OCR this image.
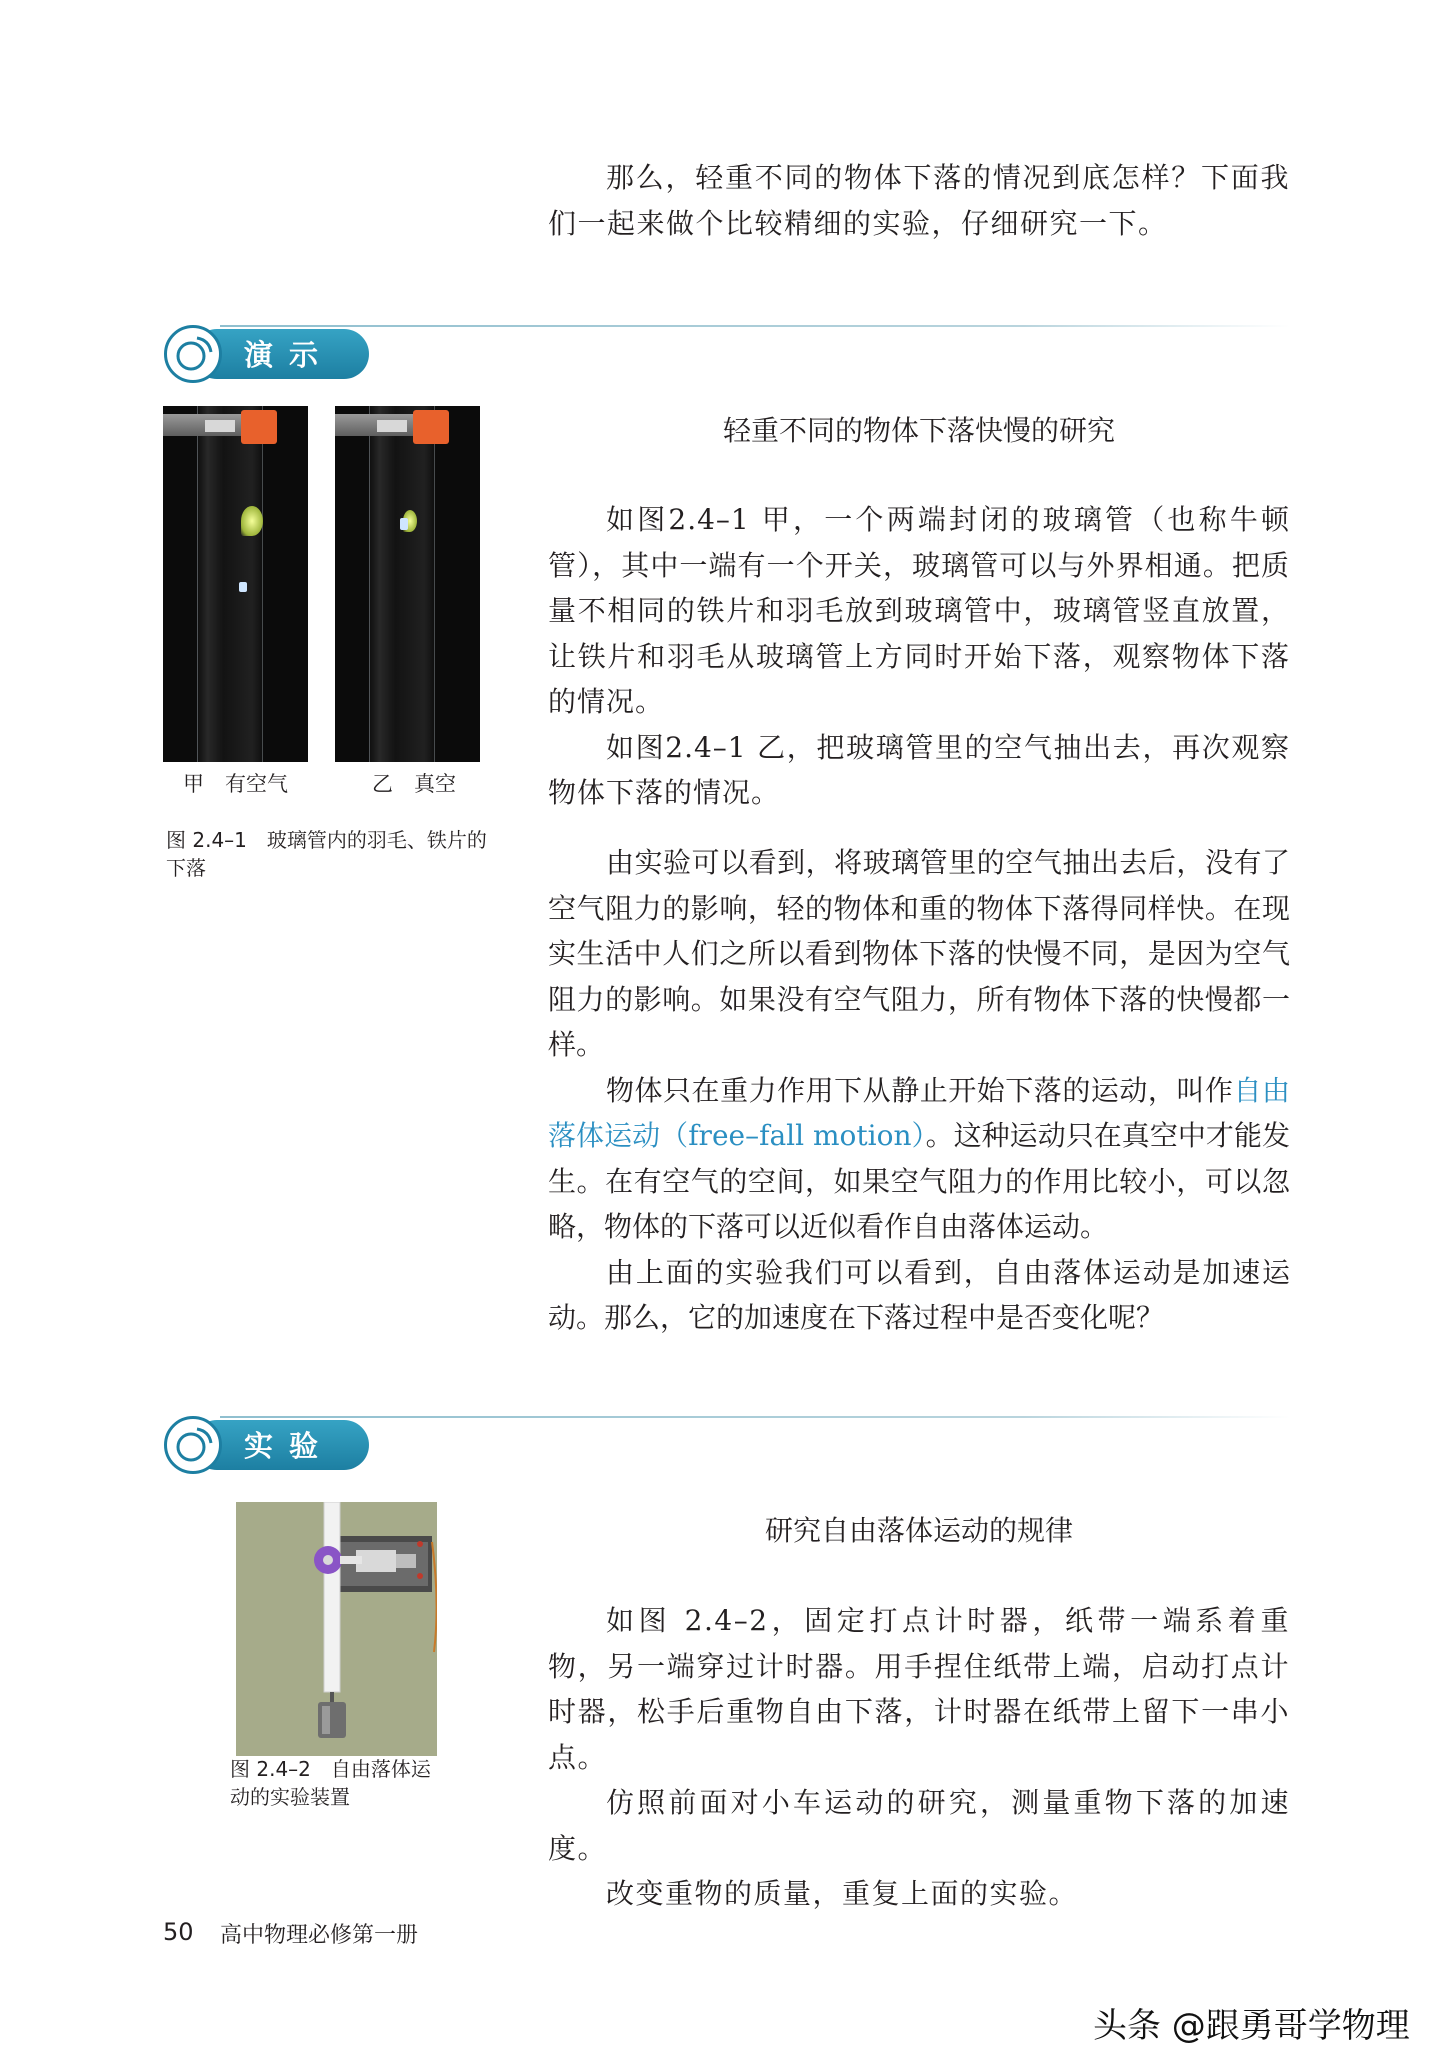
那么，轻重不同的物体下落的情况到底怎样？下面我们一起来做个比较精细的实验，仔细研究一下。

演示
轻重不同的物体下落快慢的研究

如图2.4–1 甲，一个两端封闭的玻璃管（也称牛顿管），其中一端有一个开关，玻璃管可以与外界相通。把质量不相同的铁片和羽毛放到玻璃管中，玻璃管竖直放置，让铁片和羽毛从玻璃管上方同时开始下落，观察物体下落的情况。

如图2.4–1 乙，把玻璃管里的空气抽出去，再次观察物体下落的情况。

甲　有空气	乙　真空
图 2.4–1　玻璃管内的羽毛、铁片的下落	由实验可以看到，将玻璃管里的空气抽出去后，没有了空气阻力的影响，轻的物体和重的物体下落得同样快。在现实生活中人们之所以看到物体下落的快慢不同，是因为空气阻力的影响。如果没有空气阻力，所有物体下落的快慢都一样。

物体只在重力作用下从静止开始下落的运动，叫作自由落体运动（free–fall motion）。这种运动只在真空中才能发生。在有空气的空间，如果空气阻力的作用比较小，可以忽略，物体的下落可以近似看作自由落体运动。

由上面的实验我们可以看到，自由落体运动是加速运动。那么，它的加速度在下落过程中是否变化呢？

实验
研究自由落体运动的规律

如图 2.4–2，固定打点计时器，纸带一端系着重物，另一端穿过计时器。用手捏住纸带上端，启动打点计时器，松手后重物自由下落，计时器在纸带上留下一串小点。

仿照前面对小车运动的研究，测量重物下落的加速度。

改变重物的质量，重复上面的实验。

图 2.4–2　自由落体运动的实验装置
50 高中物理必修第一册
头条 @跟勇哥学物理
